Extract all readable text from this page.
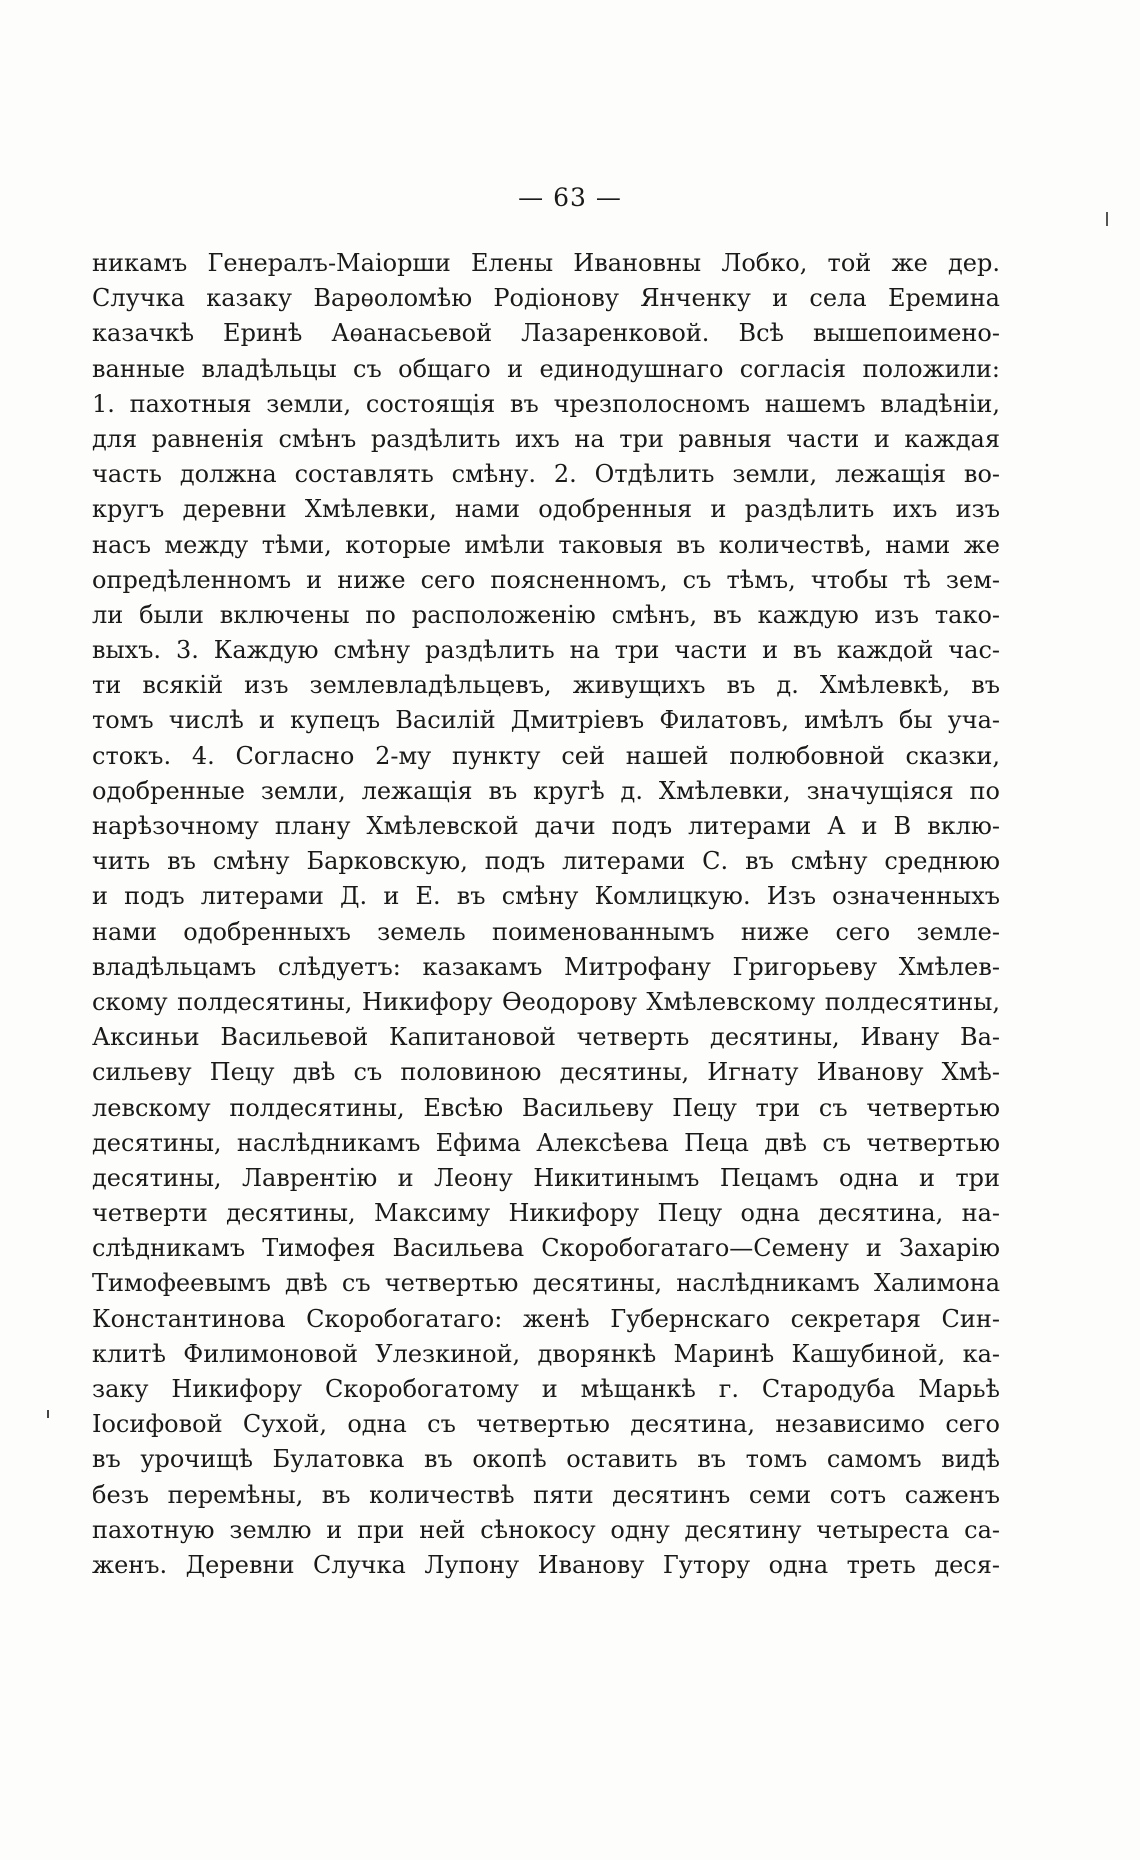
— 63 —
никамъ Генералъ-Маiорши Елены Ивановны Лобко, той же дер.
Случка казаку Варѳоломѣю Родiонову Янченку и села Еремина
казачкѣ Еринѣ Аѳанасьевой Лазаренковой. Всѣ вышепоимено-
ванные владѣльцы съ общаго и единодушнаго согласiя положили:
1. пахотныя земли, состоящiя въ чрезполосномъ нашемъ владѣнiи,
для равненiя смѣнъ раздѣлить ихъ на три равныя части и каждая
часть должна составлять смѣну. 2. Отдѣлить земли, лежащiя во-
кругъ деревни Хмѣлевки, нами одобренныя и раздѣлить ихъ изъ
насъ между тѣми, которые имѣли таковыя въ количествѣ, нами же
опредѣленномъ и ниже сего поясненномъ, съ тѣмъ, чтобы тѣ зем-
ли были включены по расположенiю смѣнъ, въ каждую изъ тако-
выхъ. 3. Каждую смѣну раздѣлить на три части и въ каждой час-
ти всякiй изъ землевладѣльцевъ, живущихъ въ д. Хмѣлевкѣ, въ
томъ числѣ и купецъ Василiй Дмитрiевъ Филатовъ, имѣлъ бы уча-
стокъ. 4. Согласно 2-му пункту сей нашей полюбовной сказки,
одобренные земли, лежащiя въ кругѣ д. Хмѣлевки, значущiяся по
нарѣзочному плану Хмѣлевской дачи подъ литерами А и В вклю-
чить въ смѣну Барковскую, подъ литерами С. въ смѣну среднюю
и подъ литерами Д. и Е. въ смѣну Комлицкую. Изъ означенныхъ
нами одобренныхъ земель поименованнымъ ниже сего земле-
владѣльцамъ слѣдуетъ: казакамъ Митрофану Григорьеву Хмѣлев-
скому полдесятины, Никифору Ѳеодорову Хмѣлевскому полдесятины,
Аксиньи Васильевой Капитановой четверть десятины, Ивану Ва-
сильеву Пецу двѣ съ половиною десятины, Игнату Иванову Хмѣ-
левскому полдесятины, Евсѣю Васильеву Пецу три съ четвертью
десятины, наслѣдникамъ Ефима Алексѣева Пеца двѣ съ четвертью
десятины, Лаврентiю и Леону Никитинымъ Пецамъ одна и три
четверти десятины, Максиму Никифору Пецу одна десятина, на-
слѣдникамъ Тимофея Васильева Скоробогатаго—Семену и Захарiю
Тимофеевымъ двѣ съ четвертью десятины, наслѣдникамъ Халимона
Константинова Скоробогатаго: женѣ Губернскаго секретаря Син-
клитѣ Филимоновой Улезкиной, дворянкѣ Маринѣ Кашубиной, ка-
заку Никифору Скоробогатому и мѣщанкѣ г. Стародуба Марьѣ
Iосифовой Сухой, одна съ четвертью десятина, независимо сего
въ урочищѣ Булатовка въ окопѣ оставить въ томъ самомъ видѣ
безъ перемѣны, въ количествѣ пяти десятинъ семи сотъ саженъ
пахотную землю и при ней сѣнокосу одну десятину четыреста са-
женъ. Деревни Случка Лупону Иванову Гутору одна треть деся-
